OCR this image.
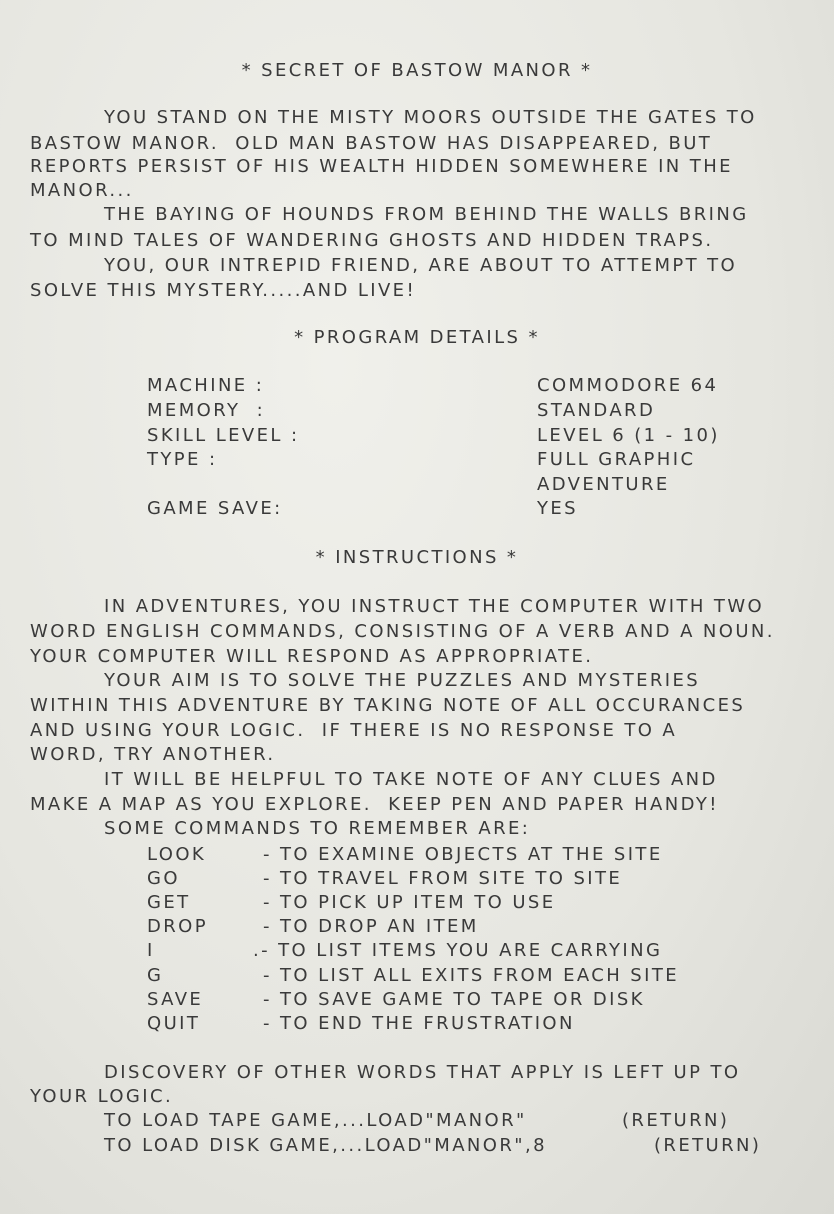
* SECRET OF BASTOW MANOR *
YOU STAND ON THE MISTY MOORS OUTSIDE THE GATES TO
BASTOW MANOR.  OLD MAN BASTOW HAS DISAPPEARED, BUT
REPORTS PERSIST OF HIS WEALTH HIDDEN SOMEWHERE IN THE
MANOR...
THE BAYING OF HOUNDS FROM BEHIND THE WALLS BRING
TO MIND TALES OF WANDERING GHOSTS AND HIDDEN TRAPS.
YOU, OUR INTREPID FRIEND, ARE ABOUT TO ATTEMPT TO
SOLVE THIS MYSTERY.....AND LIVE!
* PROGRAM DETAILS *
MACHINE :	COMMODORE 64
MEMORY  :	STANDARD
SKILL LEVEL :	LEVEL 6 (1 - 10)
TYPE :	FULL GRAPHIC
ADVENTURE
GAME SAVE:	YES
* INSTRUCTIONS *
IN ADVENTURES, YOU INSTRUCT THE COMPUTER WITH TWO
WORD ENGLISH COMMANDS, CONSISTING OF A VERB AND A NOUN.
YOUR COMPUTER WILL RESPOND AS APPROPRIATE.
YOUR AIM IS TO SOLVE THE PUZZLES AND MYSTERIES
WITHIN THIS ADVENTURE BY TAKING NOTE OF ALL OCCURANCES
AND USING YOUR LOGIC.  IF THERE IS NO RESPONSE TO A
WORD, TRY ANOTHER.
IT WILL BE HELPFUL TO TAKE NOTE OF ANY CLUES AND
MAKE A MAP AS YOU EXPLORE.  KEEP PEN AND PAPER HANDY!
SOME COMMANDS TO REMEMBER ARE:
LOOK	- TO EXAMINE OBJECTS AT THE SITE
GO	- TO TRAVEL FROM SITE TO SITE
GET	- TO PICK UP ITEM TO USE
DROP	- TO DROP AN ITEM
I	.- TO LIST ITEMS YOU ARE CARRYING
G	- TO LIST ALL EXITS FROM EACH SITE
SAVE	- TO SAVE GAME TO TAPE OR DISK
QUIT	- TO END THE FRUSTRATION
DISCOVERY OF OTHER WORDS THAT APPLY IS LEFT UP TO
YOUR LOGIC.
TO LOAD TAPE GAME,...LOAD"MANOR"	(RETURN)
TO LOAD DISK GAME,...LOAD"MANOR",8	(RETURN)
